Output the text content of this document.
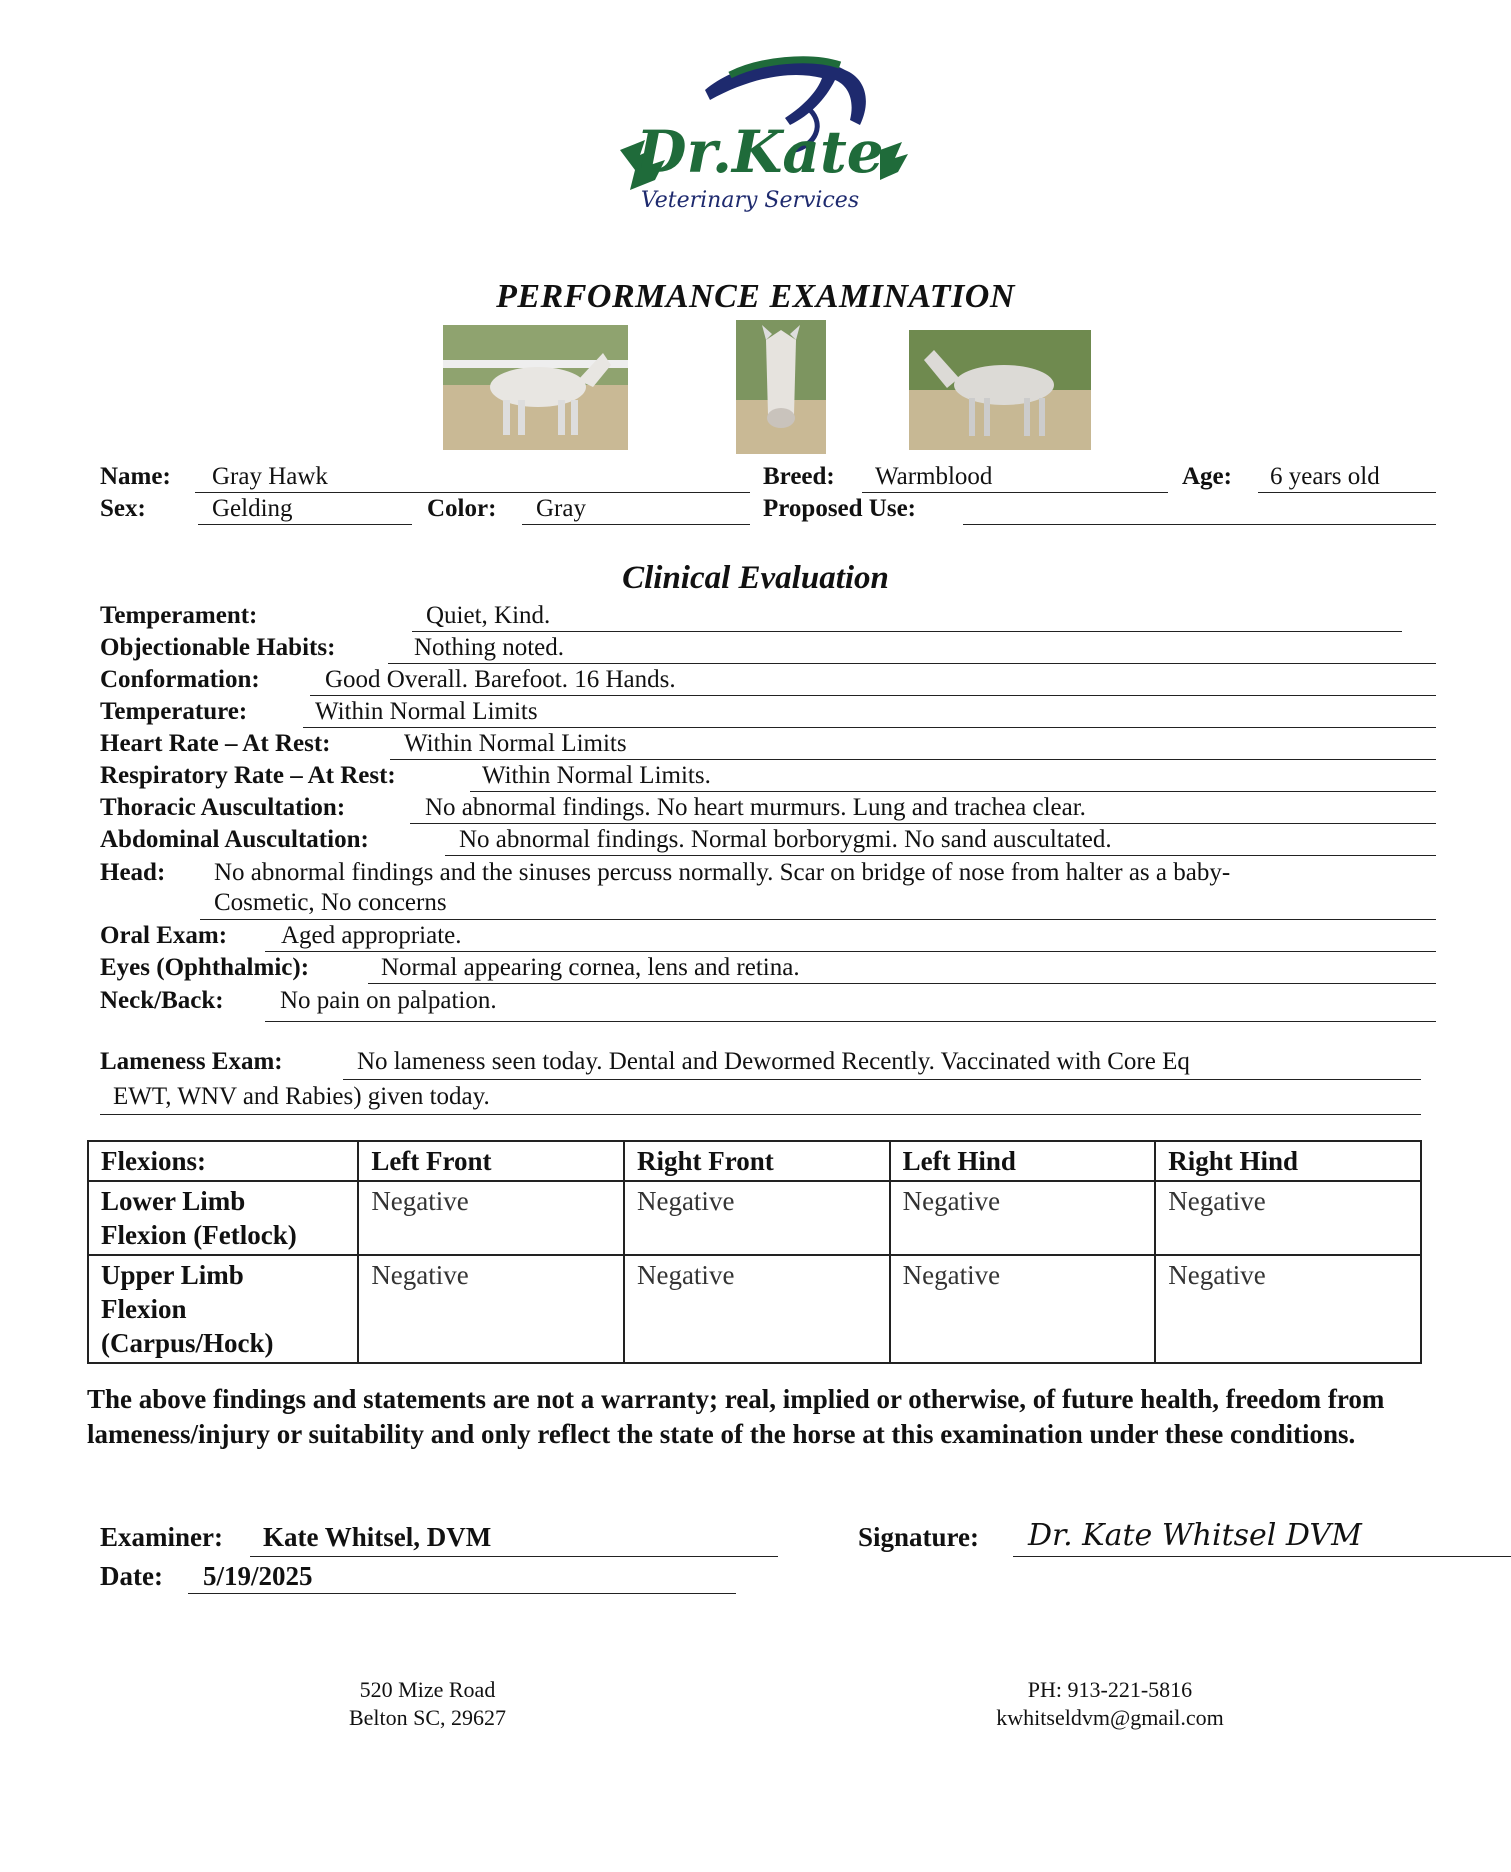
Dr.Kate
Veterinary Services
PERFORMANCE EXAMINATION
Name: Gray Hawk	Breed: Warmblood	Age: 6 years old
Sex:	Gelding	Color: Gray	Proposed Use:
Clinical Evaluation
Temperament:	Quiet, Kind.
Objectionable Habits:	Nothing noted.
Conformation:	Good Overall. Barefoot. 16 Hands.
Temperature:	Within Normal Limits
Heart Rate – At Rest:	Within Normal Limits
Respiratory Rate – At Rest:	Within Normal Limits.
Thoracic Auscultation:	No abnormal findings. No heart murmurs. Lung and trachea clear.
Abdominal Auscultation:	No abnormal findings. Normal borborygmi. No sand auscultated.
Head: No abnormal findings and the sinuses percuss normally. Scar on bridge of nose from halter as a baby-
Cosmetic, No concerns
Oral Exam: Aged appropriate.
Eyes (Ophthalmic):	Normal appearing cornea, lens and retina.
Neck/Back: No pain on palpation.
Lameness Exam:	No lameness seen today. Dental and Dewormed Recently. Vaccinated with Core Eq
EWT, WNV and Rabies) given today.
Flexions:	Left Front	Right Front	Left Hind	Right Hind

Lower Limb
Flexion (Fetlock)	Negative	Negative	Negative	Negative

Upper Limb
Flexion
(Carpus/Hock)	Negative	Negative	Negative	Negative
The above findings and statements are not a warranty; real, implied or otherwise, of future health, freedom from lameness/injury or suitability and only reflect the state of the horse at this examination under these conditions.
Examiner: Kate Whitsel, DVM	Signature: Dr. Kate Whitsel DVM
Date: 5/19/2025
520 Mize Road
Belton SC, 29627
PH: 913-221-5816
kwhitseldvm@gmail.com
